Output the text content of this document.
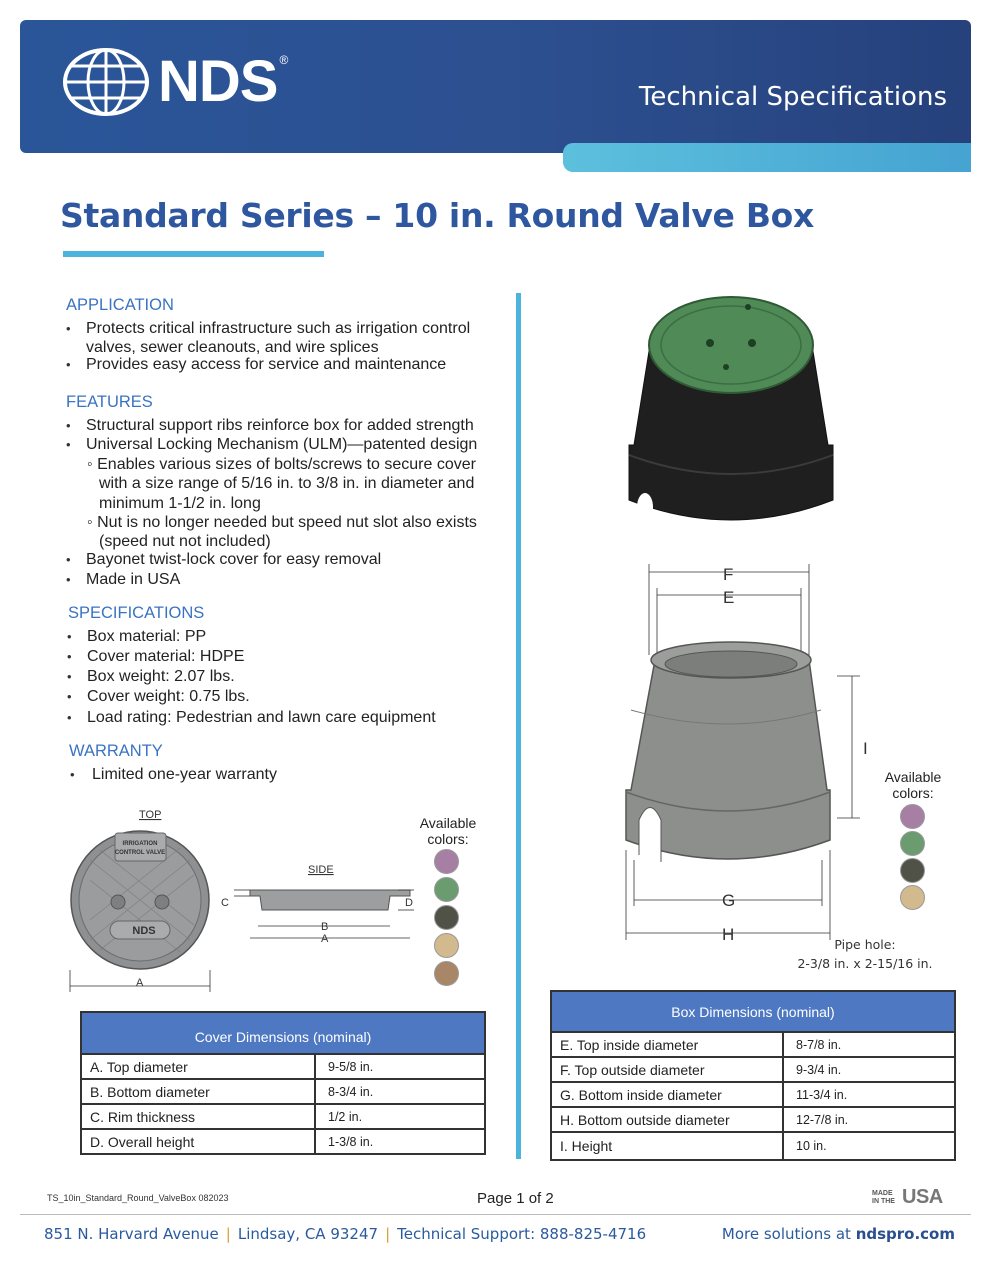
NDS ®
Technical Specifications
Standard Series – 10 in. Round Valve Box
APPLICATION
• Protects critical infrastructure such as irrigation control valves, sewer cleanouts, and wire splices
• Provides easy access for service and maintenance
FEATURES
• Structural support ribs reinforce box for added strength
• Universal Locking Mechanism (ULM)—patented design
◦ Enables various sizes of bolts/screws to secure cover
with a size range of 5/16 in. to 3/8 in. in diameter and
minimum 1-1/2 in. long
◦ Nut is no longer needed but speed nut slot also exists
(speed nut not included)
• Bayonet twist-lock cover for easy removal
• Made in USA
SPECIFICATIONS
• Box material: PP
• Cover material: HDPE
• Box weight: 2.07 lbs.
• Cover weight: 0.75 lbs.
• Load rating: Pedestrian and lawn care equipment
WARRANTY
• Limited one-year warranty
TOP
IRRIGATION
CONTROL VALVE
NDS
A
SIDE
B
A
C	D
Available
colors:
F
E
I
G
H
Available
colors:
Pipe hole:
2-3/8 in. x 2-15/16 in.
Cover Dimensions (nominal)	
A. Top diameter	9-5/8 in.
B. Bottom diameter	8-3/4 in.
C. Rim thickness	1/2 in.
D. Overall height	1-3/8 in.
Box Dimensions (nominal)	
E. Top inside diameter	8-7/8 in.
F. Top outside diameter	9-3/4 in.
G. Bottom inside diameter	11-3/4 in.
H. Bottom outside diameter	12-7/8 in.
I. Height	10 in.
TS_10in_Standard_Round_ValveBox 082023	Page 1 of 2	MADE
IN THE USA
851 N. Harvard Avenue | Lindsay, CA 93247 | Technical Support: 888-825-4716	More solutions at ndspro.com
